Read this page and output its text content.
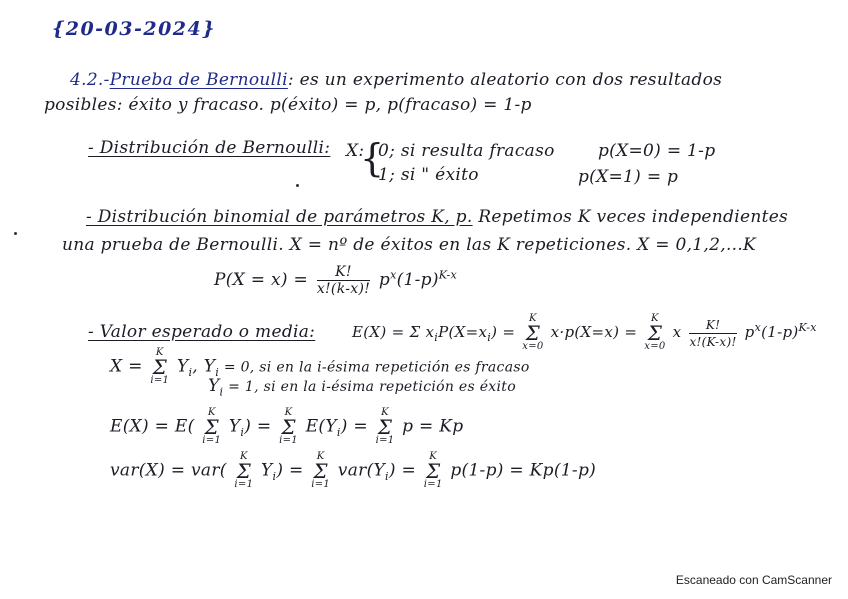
{20-03-2024}
4.2.-Prueba de Bernoulli: es un experimento aleatorio con dos resultados
posibles: éxito y fracaso. p(éxito) = p, p(fracaso) = 1-p
- Distribución de Bernoulli: X:
{
0; si resulta fracaso	p(X=0) = 1-p
1; si " éxito	p(X=1) = p
- Distribución binomial de parámetros K, p. Repetimos K veces independientes
una prueba de Bernoulli. X = nº de éxitos en las K repeticiones. X = 0,1,2,...K
$P(X = x) = \frac{K!}{x!(k-x)!} p^x(1-p)^{K-x}$
- Valor esperado o media: E(X) = Σ $x_iP(X=x_i)$ =
K
Σ
x=0
x·p(X=x) =
K
Σ
x=0
x $\frac{K!}{x!(K-x)!} p^x(1-p)^{K-x}$
X =
K
Σ
i=1
$Y_i$, $Y_i = 0$, si en la i-ésima repetición es fracaso
$Y_i = 1$, si en la i-ésima repetición es éxito
E(X) = E(
K
Σ
i=1
$Y_i$) =
K
Σ
i=1
$E(Y_i)$ =
K
Σ
i=1
p = Kp
var(X) = var(
K
Σ
i=1
$Y_i$) =
K
Σ
i=1
$var(Y_i)$ =
K
Σ
i=1
p(1-p) = Kp(1-p)
Escaneado con CamScanner
